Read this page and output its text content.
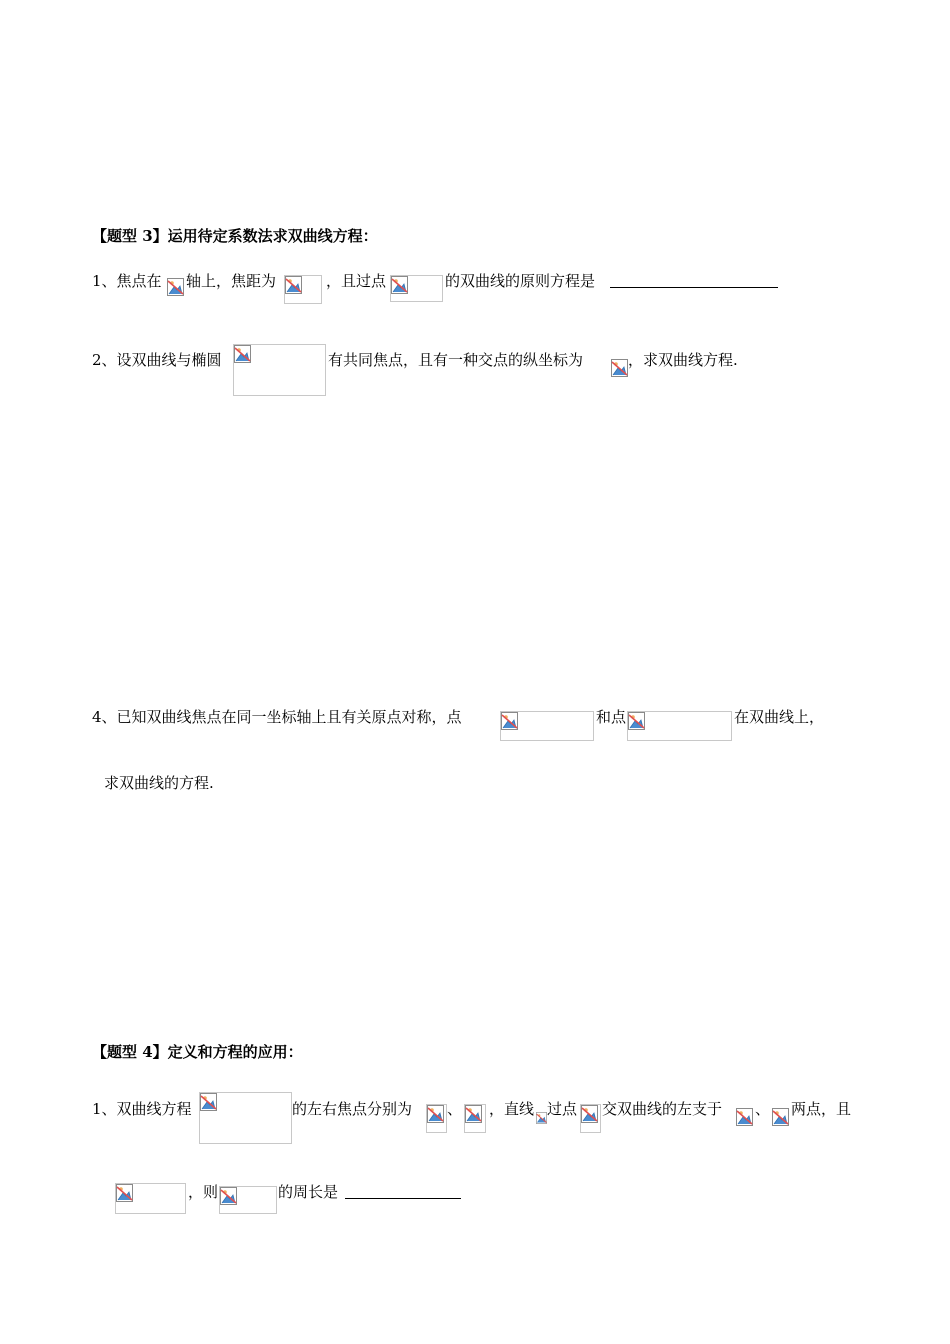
【题型 3】运用待定系数法求双曲线方程：
1、焦点在 轴上，焦距为	，且过点	的双曲线的原则方程是
2、设双曲线与椭圆	有共同焦点，且有一种交点的纵坐标为	，求双曲线方程.
4、已知双曲线焦点在同一坐标轴上且有关原点对称，点	和点	在双曲线上，
求双曲线的方程.
【题型 4】定义和方程的应用：
1、双曲线方程	的左右焦点分别为 、 ，直线 过点 交双曲线的左支于 、 两点，且
，则	的周长是
